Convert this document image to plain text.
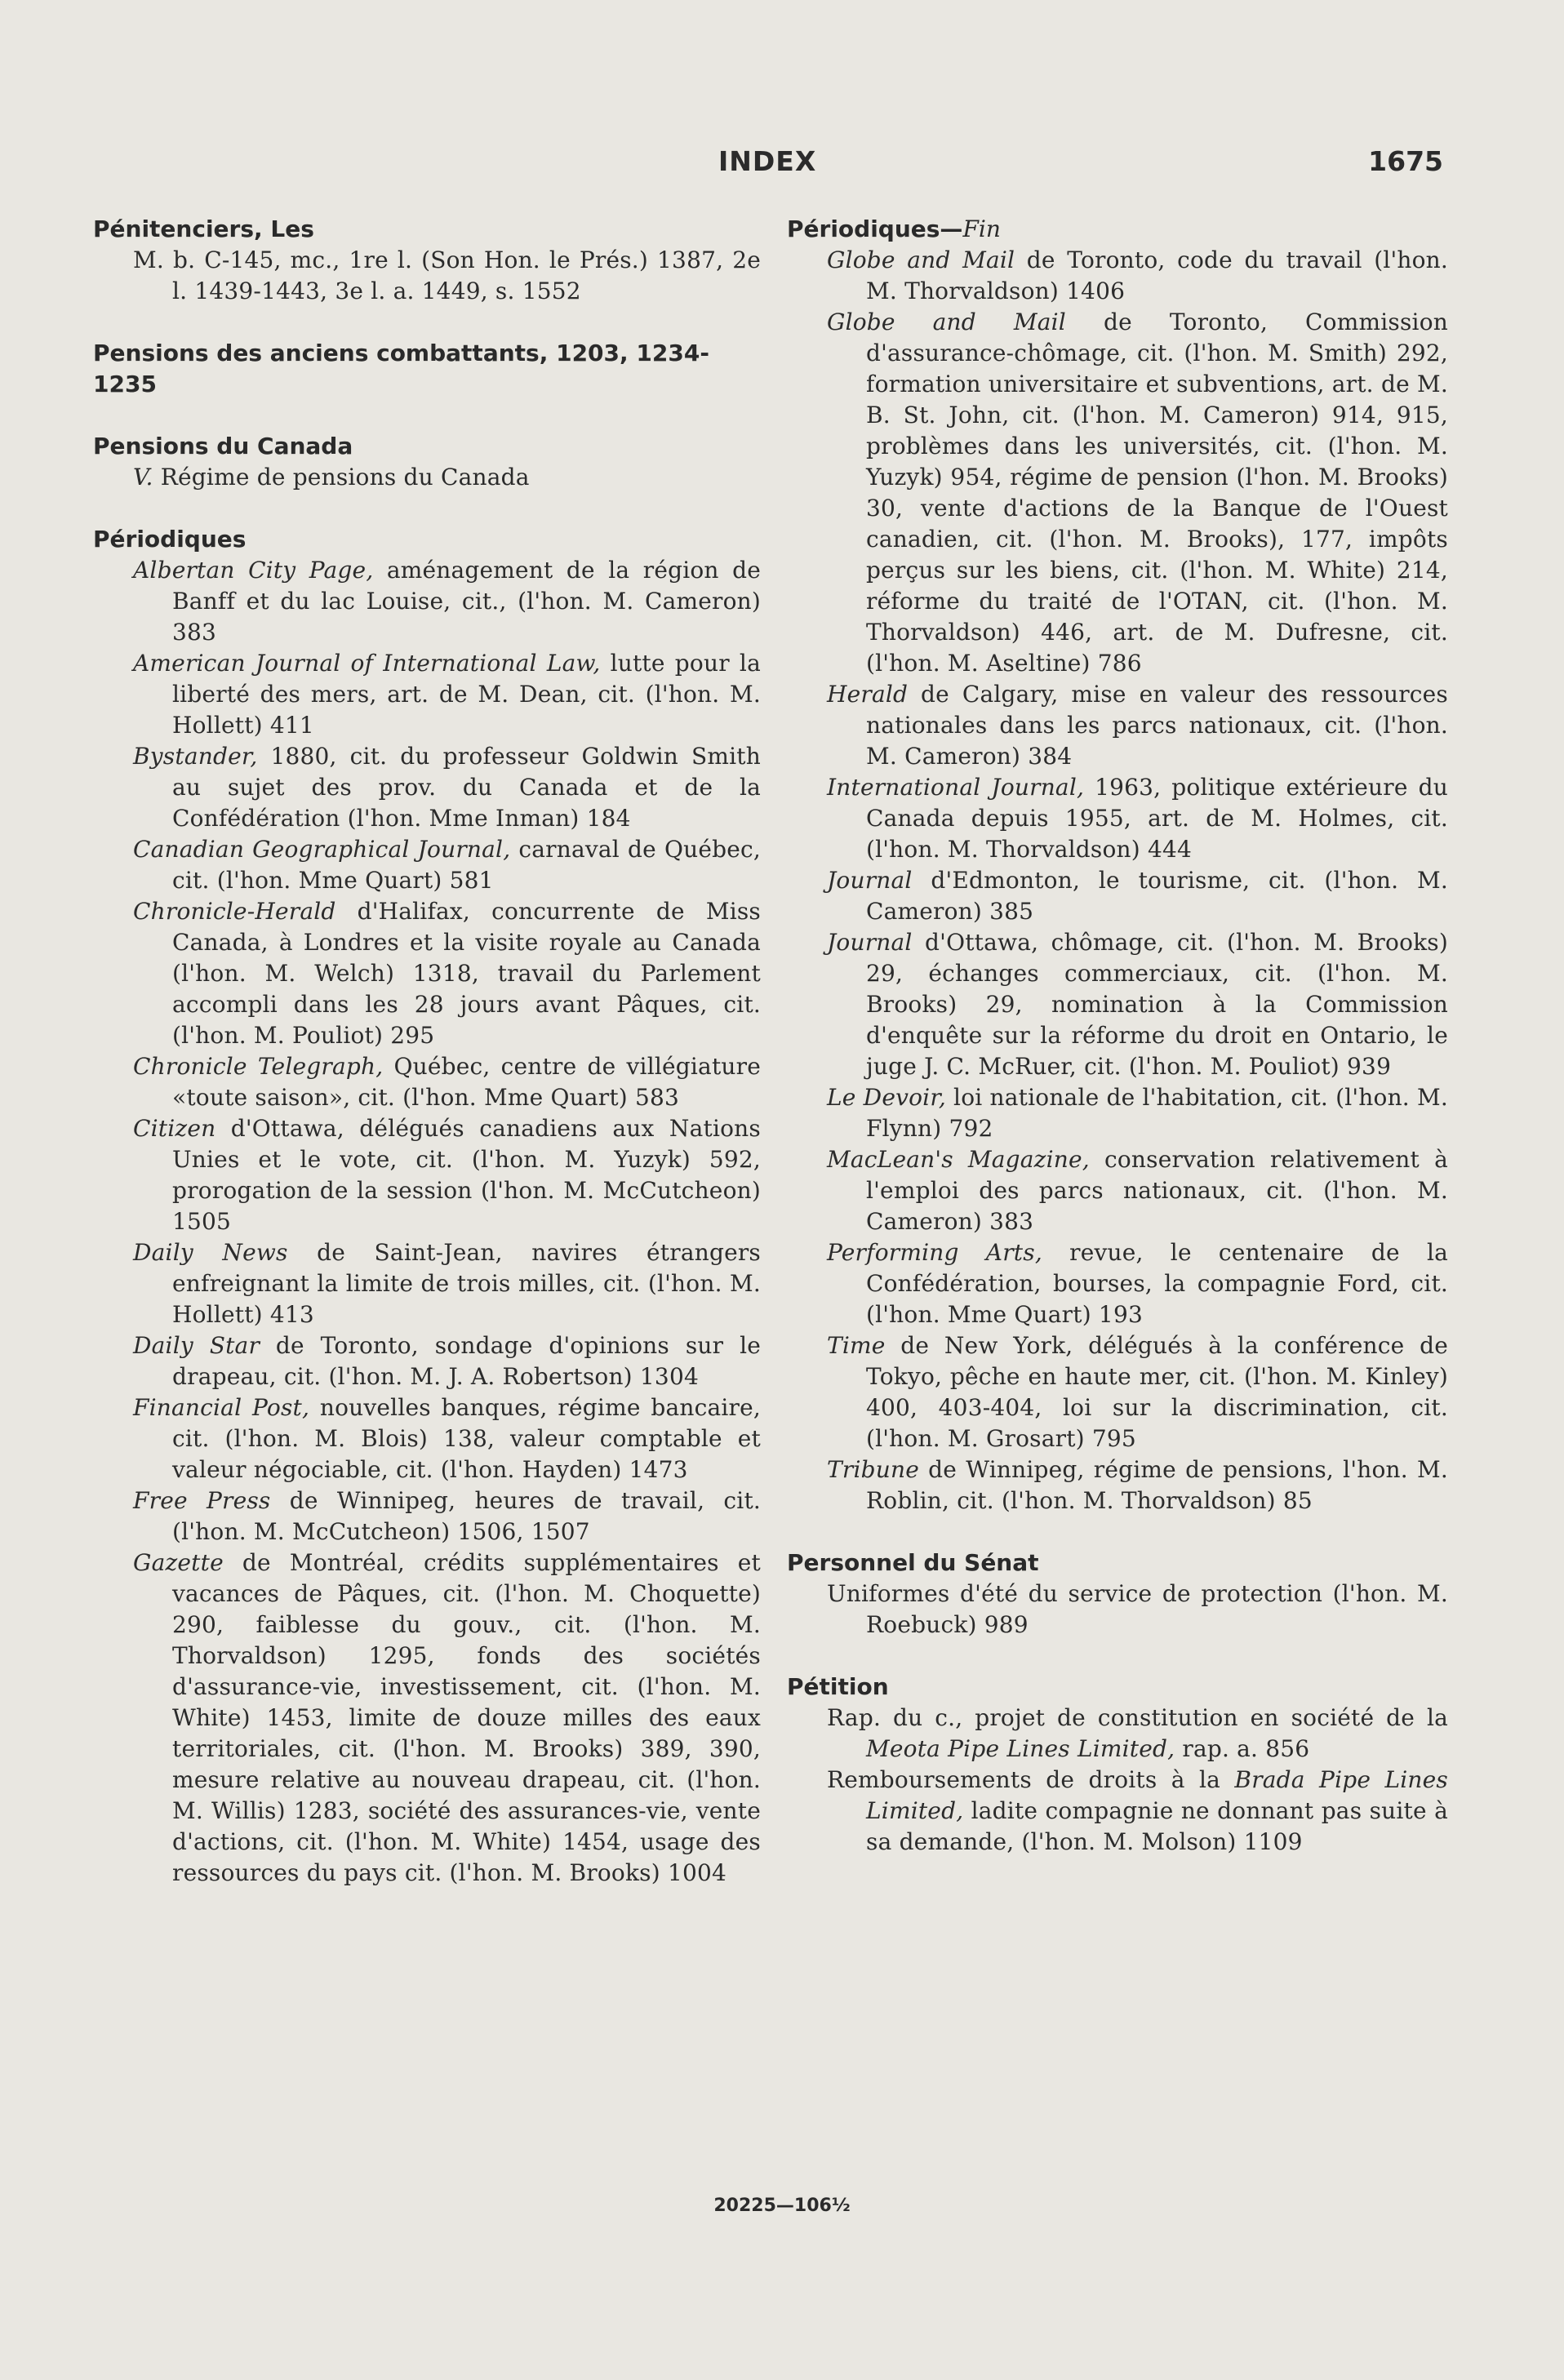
INDEX	1675

Pénitenciers, Les

M. b. C-145, mc., 1re l. (Son Hon. le Prés.) 1387, 2e l. 1439-1443, 3e l. a. 1449, s. 1552

Pensions des anciens combattants, 1203, 1234-1235

Pensions du Canada

V. Régime de pensions du Canada

Périodiques

Albertan City Page, aménagement de la région de Banff et du lac Louise, cit., (l'hon. M. Cameron) 383

American Journal of International Law, lutte pour la liberté des mers, art. de M. Dean, cit. (l'hon. M. Hollett) 411

Bystander, 1880, cit. du professeur Goldwin Smith au sujet des prov. du Canada et de la Confédération (l'hon. Mme Inman) 184

Canadian Geographical Journal, carnaval de Québec, cit. (l'hon. Mme Quart) 581

Chronicle-Herald d'Halifax, concurrente de Miss Canada, à Londres et la visite royale au Canada (l'hon. M. Welch) 1318, travail du Parlement accompli dans les 28 jours avant Pâques, cit. (l'hon. M. Pouliot) 295

Chronicle Telegraph, Québec, centre de villégiature «toute saison», cit. (l'hon. Mme Quart) 583

Citizen d'Ottawa, délégués canadiens aux Nations Unies et le vote, cit. (l'hon. M. Yuzyk) 592, prorogation de la session (l'hon. M. McCutcheon) 1505

Daily News de Saint-Jean, navires étrangers enfreignant la limite de trois milles, cit. (l'hon. M. Hollett) 413

Daily Star de Toronto, sondage d'opinions sur le drapeau, cit. (l'hon. M. J. A. Robertson) 1304

Financial Post, nouvelles banques, régime bancaire, cit. (l'hon. M. Blois) 138, valeur comptable et valeur négociable, cit. (l'hon. Hayden) 1473

Free Press de Winnipeg, heures de travail, cit. (l'hon. M. McCutcheon) 1506, 1507

Gazette de Montréal, crédits supplémentaires et vacances de Pâques, cit. (l'hon. M. Choquette) 290, faiblesse du gouv., cit. (l'hon. M. Thorvaldson) 1295, fonds des sociétés d'assurance-vie, investissement, cit. (l'hon. M. White) 1453, limite de douze milles des eaux territoriales, cit. (l'hon. M. Brooks) 389, 390, mesure relative au nouveau drapeau, cit. (l'hon. M. Willis) 1283, société des assurances-vie, vente d'actions, cit. (l'hon. M. White) 1454, usage des ressources du pays cit. (l'hon. M. Brooks) 1004

Périodiques—Fin

Globe and Mail de Toronto, code du travail (l'hon. M. Thorvaldson) 1406

Globe and Mail de Toronto, Commission d'assurance-chômage, cit. (l'hon. M. Smith) 292, formation universitaire et subventions, art. de M. B. St. John, cit. (l'hon. M. Cameron) 914, 915, problèmes dans les universités, cit. (l'hon. M. Yuzyk) 954, régime de pension (l'hon. M. Brooks) 30, vente d'actions de la Banque de l'Ouest canadien, cit. (l'hon. M. Brooks), 177, impôts perçus sur les biens, cit. (l'hon. M. White) 214, réforme du traité de l'OTAN, cit. (l'hon. M. Thorvaldson) 446, art. de M. Dufresne, cit. (l'hon. M. Aseltine) 786

Herald de Calgary, mise en valeur des ressources nationales dans les parcs nationaux, cit. (l'hon. M. Cameron) 384

International Journal, 1963, politique extérieure du Canada depuis 1955, art. de M. Holmes, cit. (l'hon. M. Thorvaldson) 444

Journal d'Edmonton, le tourisme, cit. (l'hon. M. Cameron) 385

Journal d'Ottawa, chômage, cit. (l'hon. M. Brooks) 29, échanges commerciaux, cit. (l'hon. M. Brooks) 29, nomination à la Commission d'enquête sur la réforme du droit en Ontario, le juge J. C. McRuer, cit. (l'hon. M. Pouliot) 939

Le Devoir, loi nationale de l'habitation, cit. (l'hon. M. Flynn) 792

MacLean's Magazine, conservation relativement à l'emploi des parcs nationaux, cit. (l'hon. M. Cameron) 383

Performing Arts, revue, le centenaire de la Confédération, bourses, la compagnie Ford, cit. (l'hon. Mme Quart) 193

Time de New York, délégués à la conférence de Tokyo, pêche en haute mer, cit. (l'hon. M. Kinley) 400, 403-404, loi sur la discrimination, cit. (l'hon. M. Grosart) 795

Tribune de Winnipeg, régime de pensions, l'hon. M. Roblin, cit. (l'hon. M. Thorvaldson) 85

Personnel du Sénat

Uniformes d'été du service de protection (l'hon. M. Roebuck) 989

Pétition

Rap. du c., projet de constitution en société de la Meota Pipe Lines Limited, rap. a. 856

Remboursements de droits à la Brada Pipe Lines Limited, ladite compagnie ne donnant pas suite à sa demande, (l'hon. M. Molson) 1109

20225—106½
